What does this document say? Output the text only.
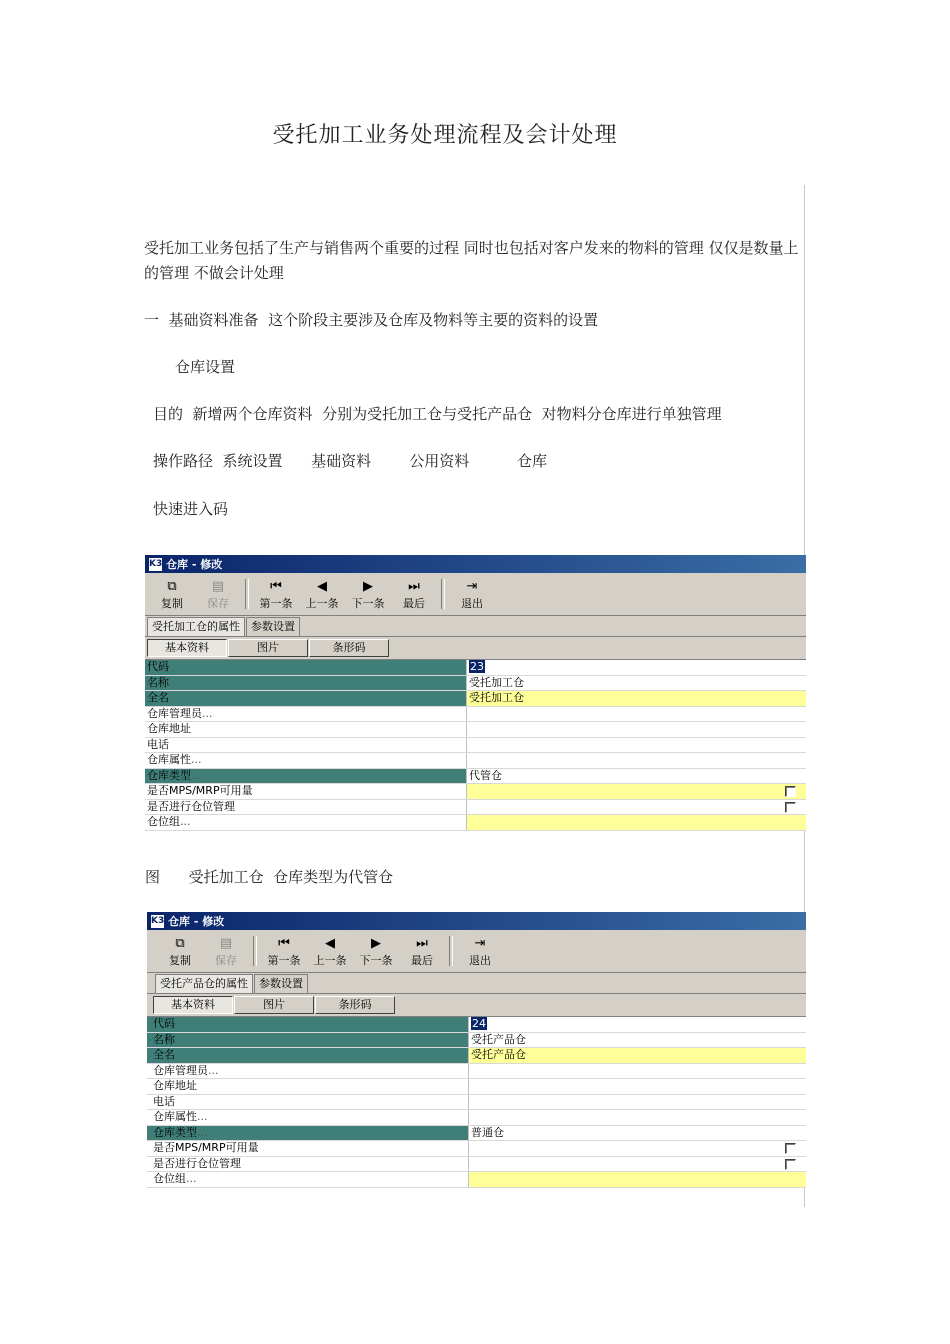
受托加工业务处理流程及会计处理
受托加工业务包括了生产与销售两个重要的过程 同时也包括对客户发来的物料的管理 仅仅是数量上的管理 不做会计处理
一  基础资料准备  这个阶段主要涉及仓库及物料等主要的资料的设置
仓库设置
目的  新增两个仓库资料  分别为受托加工仓与受托产品仓  对物料分仓库进行单独管理
操作路径  系统设置      基础资料        公用资料          仓库
快速进入码
K3 仓库 - 修改
⧉
复制
▤
保存
⏮
第一条
◀
上一条
▶
下一条
⏭
最后
⇥
退出
受托加工仓的属性	参数设置
基本资料	图片	条形码
代码	23
名称	受托加工仓
全名	受托加工仓
仓库管理员...
仓库地址
电话
仓库属性...
仓库类型...	代管仓
是否MPS/MRP可用量
是否进行仓位管理
仓位组...
图      受托加工仓  仓库类型为代管仓
K3 仓库 - 修改
⧉
复制
▤
保存
⏮
第一条
◀
上一条
▶
下一条
⏭
最后
⇥
退出
受托产品仓的属性	参数设置
基本资料	图片	条形码
代码	24
名称	受托产品仓
全名	受托产品仓
仓库管理员...
仓库地址
电话
仓库属性...
仓库类型...	普通仓
是否MPS/MRP可用量
是否进行仓位管理
仓位组...
